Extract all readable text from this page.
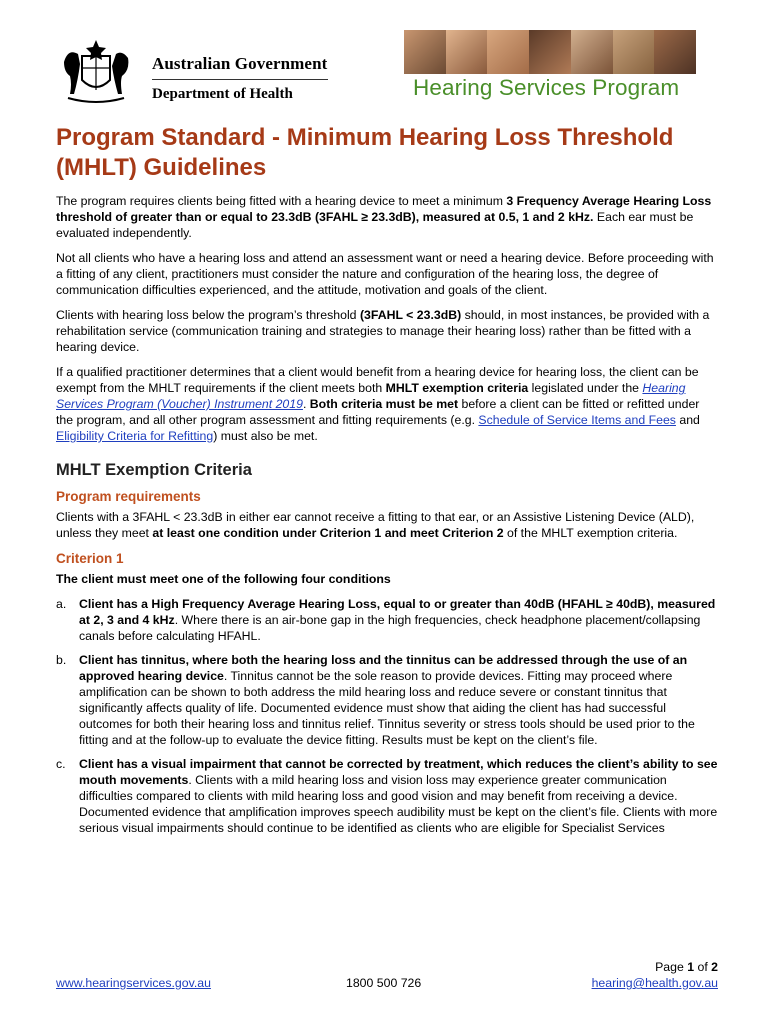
Australian Government
Department of Health	Hearing Services Program
Program Standard - Minimum Hearing Loss Threshold (MHLT) Guidelines

The program requires clients being fitted with a hearing device to meet a minimum 3 Frequency Average Hearing Loss threshold of greater than or equal to 23.3dB (3FAHL ≥ 23.3dB), measured at 0.5, 1 and 2 kHz. Each ear must be evaluated independently.

Not all clients who have a hearing loss and attend an assessment want or need a hearing device. Before proceeding with a fitting of any client, practitioners must consider the nature and configuration of the hearing loss, the degree of communication difficulties experienced, and the attitude, motivation and goals of the client.

Clients with hearing loss below the program’s threshold (3FAHL < 23.3dB) should, in most instances, be provided with a rehabilitation service (communication training and strategies to manage their hearing loss) rather than be fitted with a hearing device.

If a qualified practitioner determines that a client would benefit from a hearing device for hearing loss, the client can be exempt from the MHLT requirements if the client meets both MHLT exemption criteria legislated under the Hearing Services Program (Voucher) Instrument 2019. Both criteria must be met before a client can be fitted or refitted under the program, and all other program assessment and fitting requirements (e.g. Schedule of Service Items and Fees and Eligibility Criteria for Refitting) must also be met.

MHLT Exemption Criteria
Program requirements

Clients with a 3FAHL < 23.3dB in either ear cannot receive a fitting to that ear, or an Assistive Listening Device (ALD), unless they meet at least one condition under Criterion 1 and meet Criterion 2 of the MHLT exemption criteria.

Criterion 1

The client must meet one of the following four conditions

a.	Client has a High Frequency Average Hearing Loss, equal to or greater than 40dB (HFAHL ≥ 40dB), measured at 2, 3 and 4 kHz. Where there is an air-bone gap in the high frequencies, check headphone placement/collapsing canals before calculating HFAHL.
b.	Client has tinnitus, where both the hearing loss and the tinnitus can be addressed through the use of an approved hearing device. Tinnitus cannot be the sole reason to provide devices. Fitting may proceed where amplification can be shown to both address the mild hearing loss and reduce severe or constant tinnitus that significantly affects quality of life. Documented evidence must show that aiding the client has had successful outcomes for both their hearing loss and tinnitus relief. Tinnitus severity or stress tools should be used prior to the fitting and at the follow-up to evaluate the device fitting. Results must be kept on the client’s file.
c.	Client has a visual impairment that cannot be corrected by treatment, which reduces the client’s ability to see mouth movements. Clients with a mild hearing loss and vision loss may experience greater communication difficulties compared to clients with mild hearing loss and good vision and may benefit from receiving a device. Documented evidence that amplification improves speech audibility must be kept on the client’s file. Clients with more serious visual impairments should continue to be identified as clients who are eligible for Specialist Services
Page 1 of 2
www.hearingservices.gov.au	1800 500 726	hearing@health.gov.au
